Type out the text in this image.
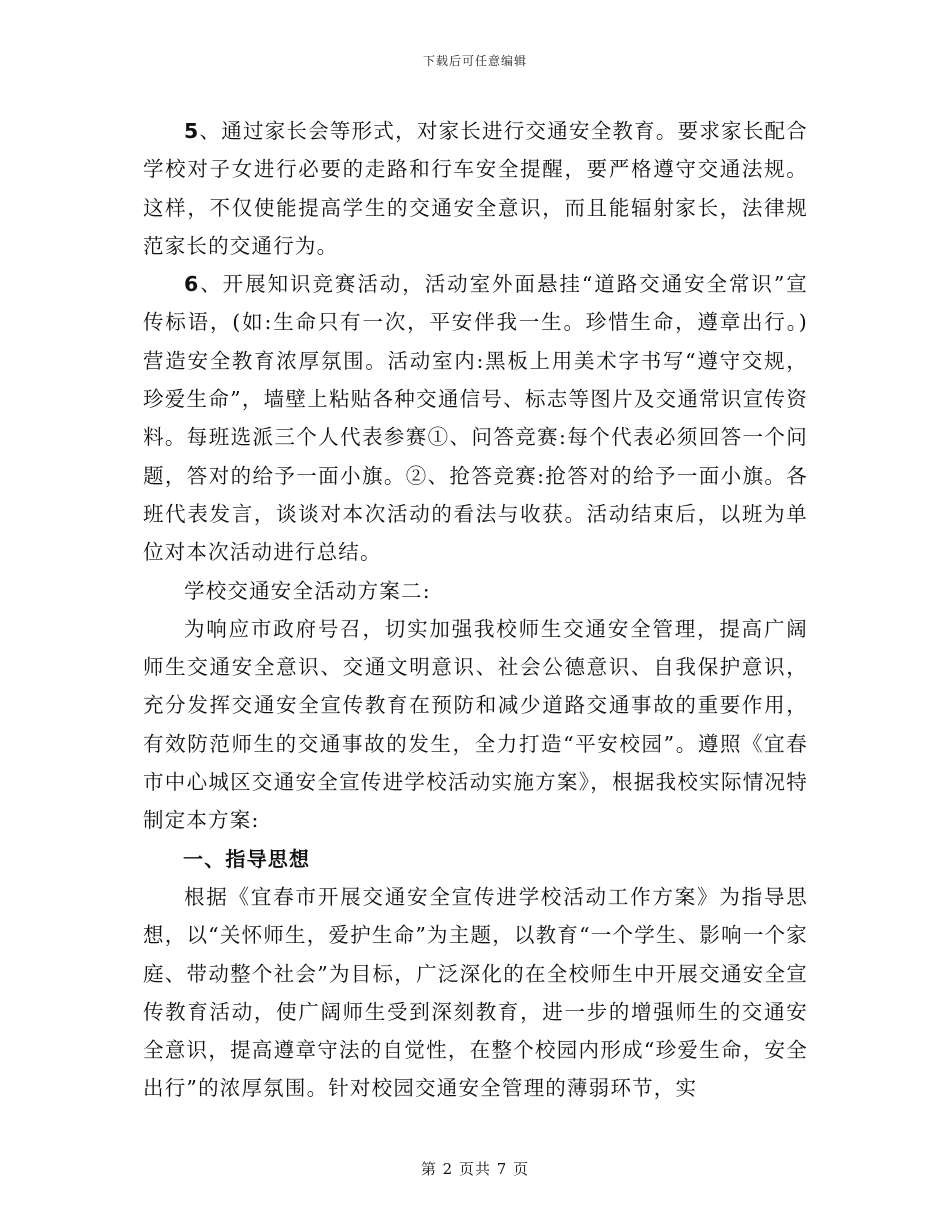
下载后可任意编辑

5、通过家长会等形式，对家长进行交通安全教育。要求家长配合学校对子女进行必要的走路和行车安全提醒，要严格遵守交通法规。这样，不仅使能提高学生的交通安全意识，而且能辐射家长，法律规范家长的交通行为。

6、开展知识竞赛活动，活动室外面悬挂“道路交通安全常识”宣传标语，(如:生命只有一次，平安伴我一生。珍惜生命，遵章出行。)营造安全教育浓厚氛围。活动室内:黑板上用美术字书写“遵守交规，珍爱生命”，墙壁上粘贴各种交通信号、标志等图片及交通常识宣传资料。每班选派三个人代表参赛①、问答竞赛:每个代表必须回答一个问题，答对的给予一面小旗。②、抢答竞赛:抢答对的给予一面小旗。各班代表发言，谈谈对本次活动的看法与收获。活动结束后，以班为单位对本次活动进行总结。

学校交通安全活动方案二:

为响应市政府号召，切实加强我校师生交通安全管理，提高广阔师生交通安全意识、交通文明意识、社会公德意识、自我保护意识，充分发挥交通安全宣传教育在预防和减少道路交通事故的重要作用，有效防范师生的交通事故的发生，全力打造“平安校园”。遵照《宜春市中心城区交通安全宣传进学校活动实施方案》，根据我校实际情况特制定本方案:

一、指导思想

根据《宜春市开展交通安全宣传进学校活动工作方案》为指导思想，以“关怀师生，爱护生命”为主题，以教育“一个学生、影响一个家庭、带动整个社会”为目标，广泛深化的在全校师生中开展交通安全宣传教育活动，使广阔师生受到深刻教育，进一步的增强师生的交通安全意识，提高遵章守法的自觉性，在整个校园内形成“珍爱生命，安全出行”的浓厚氛围。针对校园交通安全管理的薄弱环节，实

第 2 页共 7 页
